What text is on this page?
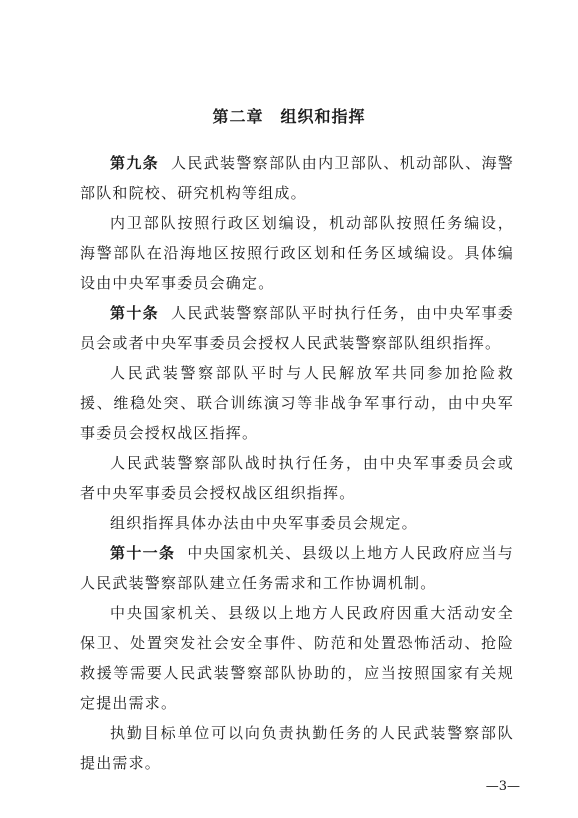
第二章　组织和指挥

第九条 人民武装警察部队由内卫部队、机动部队、海警部队和院校、研究机构等组成。

内卫部队按照行政区划编设，机动部队按照任务编设，海警部队在沿海地区按照行政区划和任务区域编设。具体编设由中央军事委员会确定。

第十条 人民武装警察部队平时执行任务，由中央军事委员会或者中央军事委员会授权人民武装警察部队组织指挥。

人民武装警察部队平时与人民解放军共同参加抢险救援、维稳处突、联合训练演习等非战争军事行动，由中央军事委员会授权战区指挥。

人民武装警察部队战时执行任务，由中央军事委员会或者中央军事委员会授权战区组织指挥。

组织指挥具体办法由中央军事委员会规定。

第十一条 中央国家机关、县级以上地方人民政府应当与人民武装警察部队建立任务需求和工作协调机制。

中央国家机关、县级以上地方人民政府因重大活动安全保卫、处置突发社会安全事件、防范和处置恐怖活动、抢险救援等需要人民武装警察部队协助的，应当按照国家有关规定提出需求。

执勤目标单位可以向负责执勤任务的人民武装警察部队提出需求。

—3—
